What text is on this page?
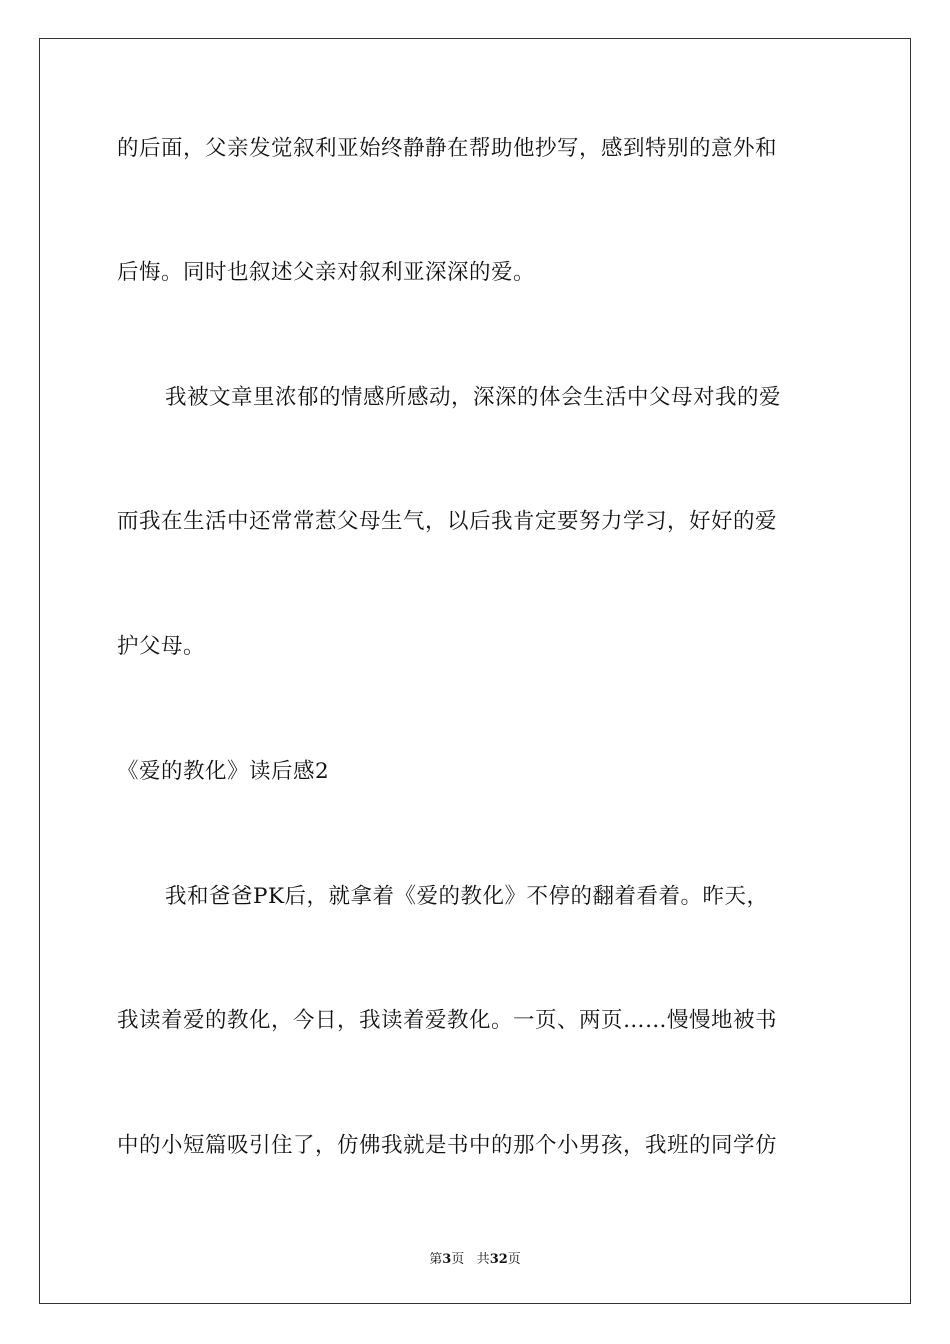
的后面，父亲发觉叙利亚始终静静在帮助他抄写，感到特别的意外和
后悔。同时也叙述父亲对叙利亚深深的爱。
我被文章里浓郁的情感所感动，深深的体会生活中父母对我的爱
而我在生活中还常常惹父母生气，以后我肯定要努力学习，好好的爱
护父母。
《爱的教化》读后感2
我和爸爸PK后，就拿着《爱的教化》不停的翻着看着。昨天，
我读着爱的教化，今日，我读着爱教化。一页、两页……慢慢地被书
中的小短篇吸引住了，仿佛我就是书中的那个小男孩，我班的同学仿
第3页 共32页
